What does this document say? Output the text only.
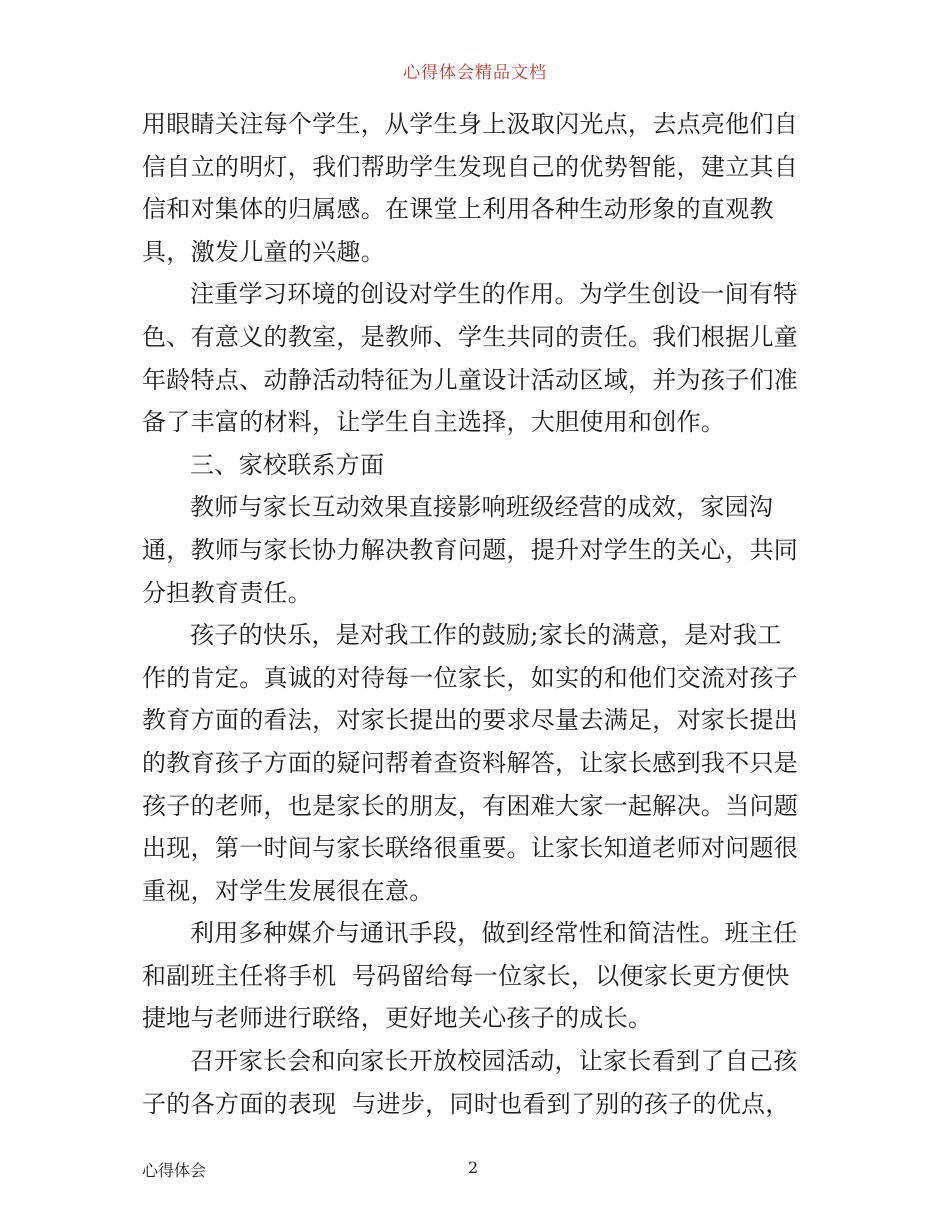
心得体会精品文档
用眼睛关注每个学生，从学生身上汲取闪光点，去点亮他们自
信自立的明灯，我们帮助学生发现自己的优势智能，建立其自
信和对集体的归属感。在课堂上利用各种生动形象的直观教
具，激发儿童的兴趣。
注重学习环境的创设对学生的作用。为学生创设一间有特
色、有意义的教室，是教师、学生共同的责任。我们根据儿童
年龄特点、动静活动特征为儿童设计活动区域，并为孩子们准
备了丰富的材料，让学生自主选择，大胆使用和创作。
三、家校联系方面
教师与家长互动效果直接影响班级经营的成效，家园沟
通，教师与家长协力解决教育问题，提升对学生的关心，共同
分担教育责任。
孩子的快乐，是对我工作的鼓励;家长的满意，是对我工
作的肯定。真诚的对待每一位家长，如实的和他们交流对孩子
教育方面的看法，对家长提出的要求尽量去满足，对家长提出
的教育孩子方面的疑问帮着查资料解答，让家长感到我不只是
孩子的老师，也是家长的朋友，有困难大家一起解决。当问题
出现，第一时间与家长联络很重要。让家长知道老师对问题很
重视，对学生发展很在意。
利用多种媒介与通讯手段，做到经常性和简洁性。班主任
和副班主任将手机  号码留给每一位家长，以便家长更方便快
捷地与老师进行联络，更好地关心孩子的成长。
召开家长会和向家长开放校园活动，让家长看到了自己孩
子的各方面的表现  与进步，同时也看到了别的孩子的优点，
心得体会	2
